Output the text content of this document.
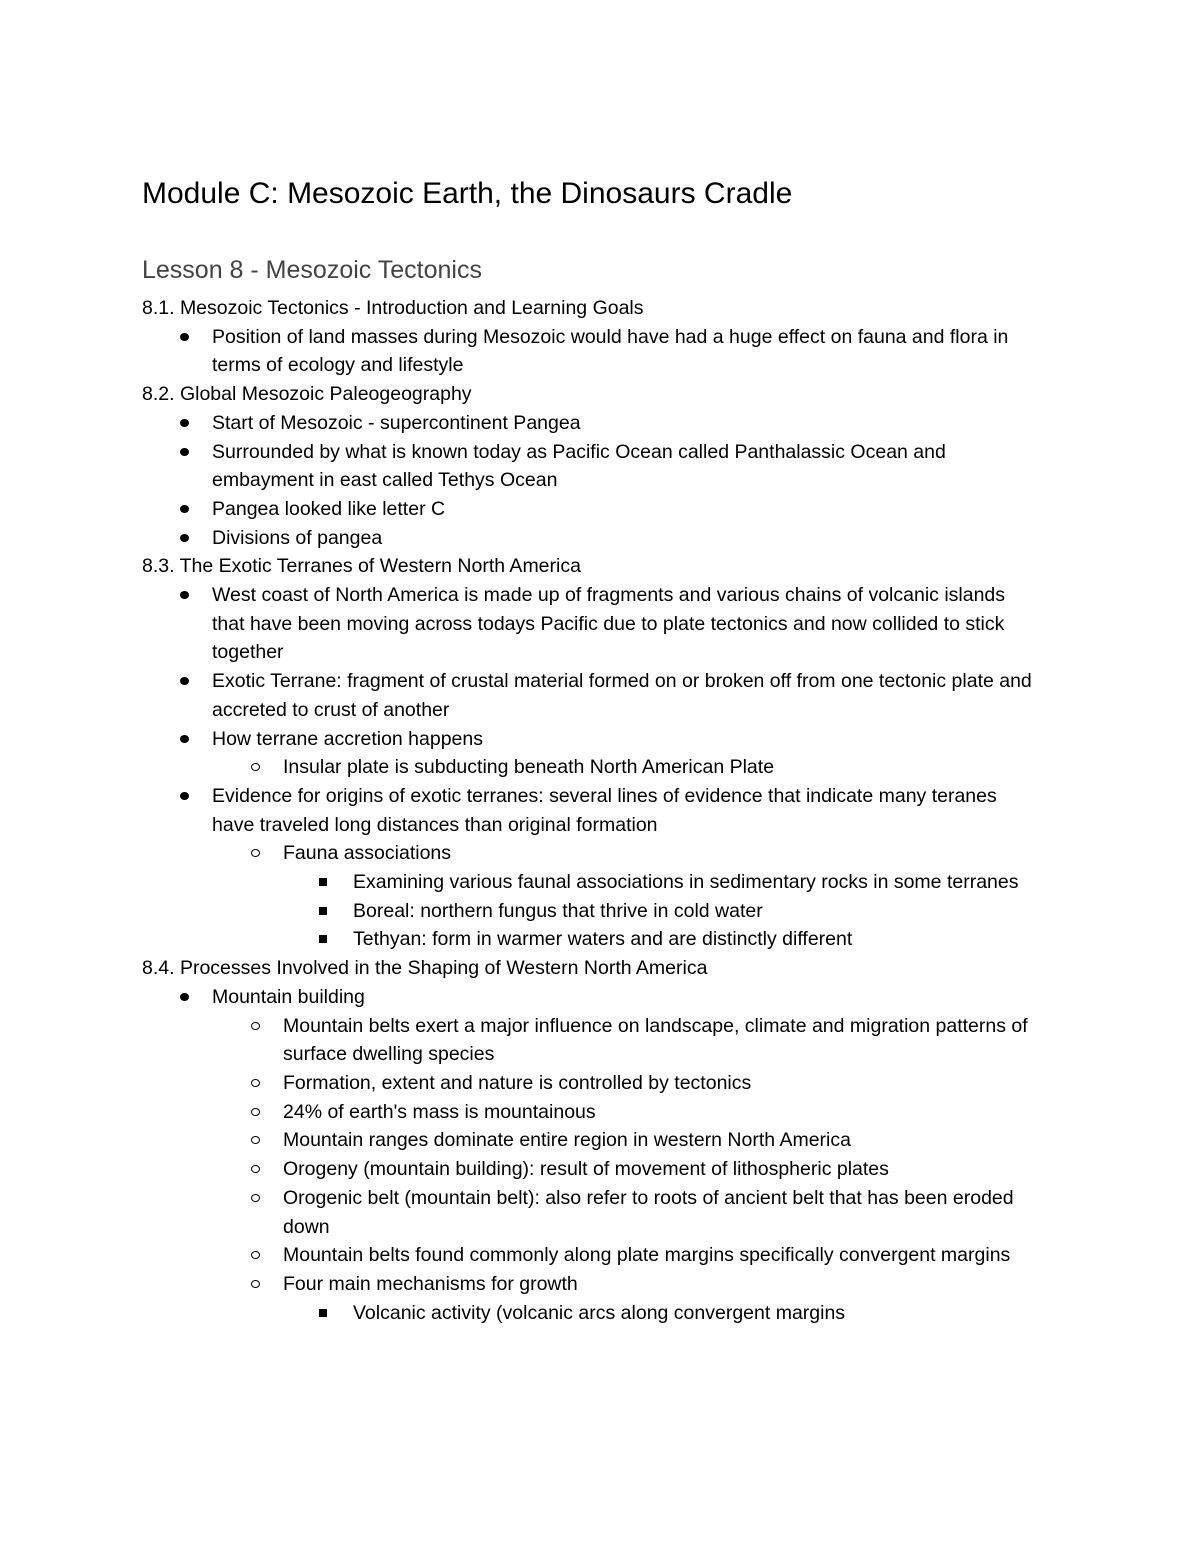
Module C: Mesozoic Earth, the Dinosaurs Cradle
Lesson 8 - Mesozoic Tectonics
8.1. Mesozoic Tectonics - Introduction and Learning Goals
Position of land masses during Mesozoic would have had a huge effect on fauna and flora in terms of ecology and lifestyle
8.2. Global Mesozoic Paleogeography
Start of Mesozoic - supercontinent Pangea
Surrounded by what is known today as Pacific Ocean called Panthalassic Ocean and embayment in east called Tethys Ocean
Pangea looked like letter C
Divisions of pangea
8.3. The Exotic Terranes of Western North America
West coast of North America is made up of fragments and various chains of volcanic islands that have been moving across todays Pacific due to plate tectonics and now collided to stick together
Exotic Terrane: fragment of crustal material formed on or broken off from one tectonic plate and accreted to crust of another
How terrane accretion happens
Insular plate is subducting beneath North American Plate
Evidence for origins of exotic terranes: several lines of evidence that indicate many teranes have traveled long distances than original formation
Fauna associations
Examining various faunal associations in sedimentary rocks in some terranes
Boreal: northern fungus that thrive in cold water
Tethyan: form in warmer waters and are distinctly different
8.4. Processes Involved in the Shaping of Western North America
Mountain building
Mountain belts exert a major influence on landscape, climate and migration patterns of surface dwelling species
Formation, extent and nature is controlled by tectonics
24% of earth's mass is mountainous
Mountain ranges dominate entire region in western North America
Orogeny (mountain building): result of movement of lithospheric plates
Orogenic belt (mountain belt): also refer to roots of ancient belt that has been eroded down
Mountain belts found commonly along plate margins specifically convergent margins
Four main mechanisms for growth
Volcanic activity (volcanic arcs along convergent margins
